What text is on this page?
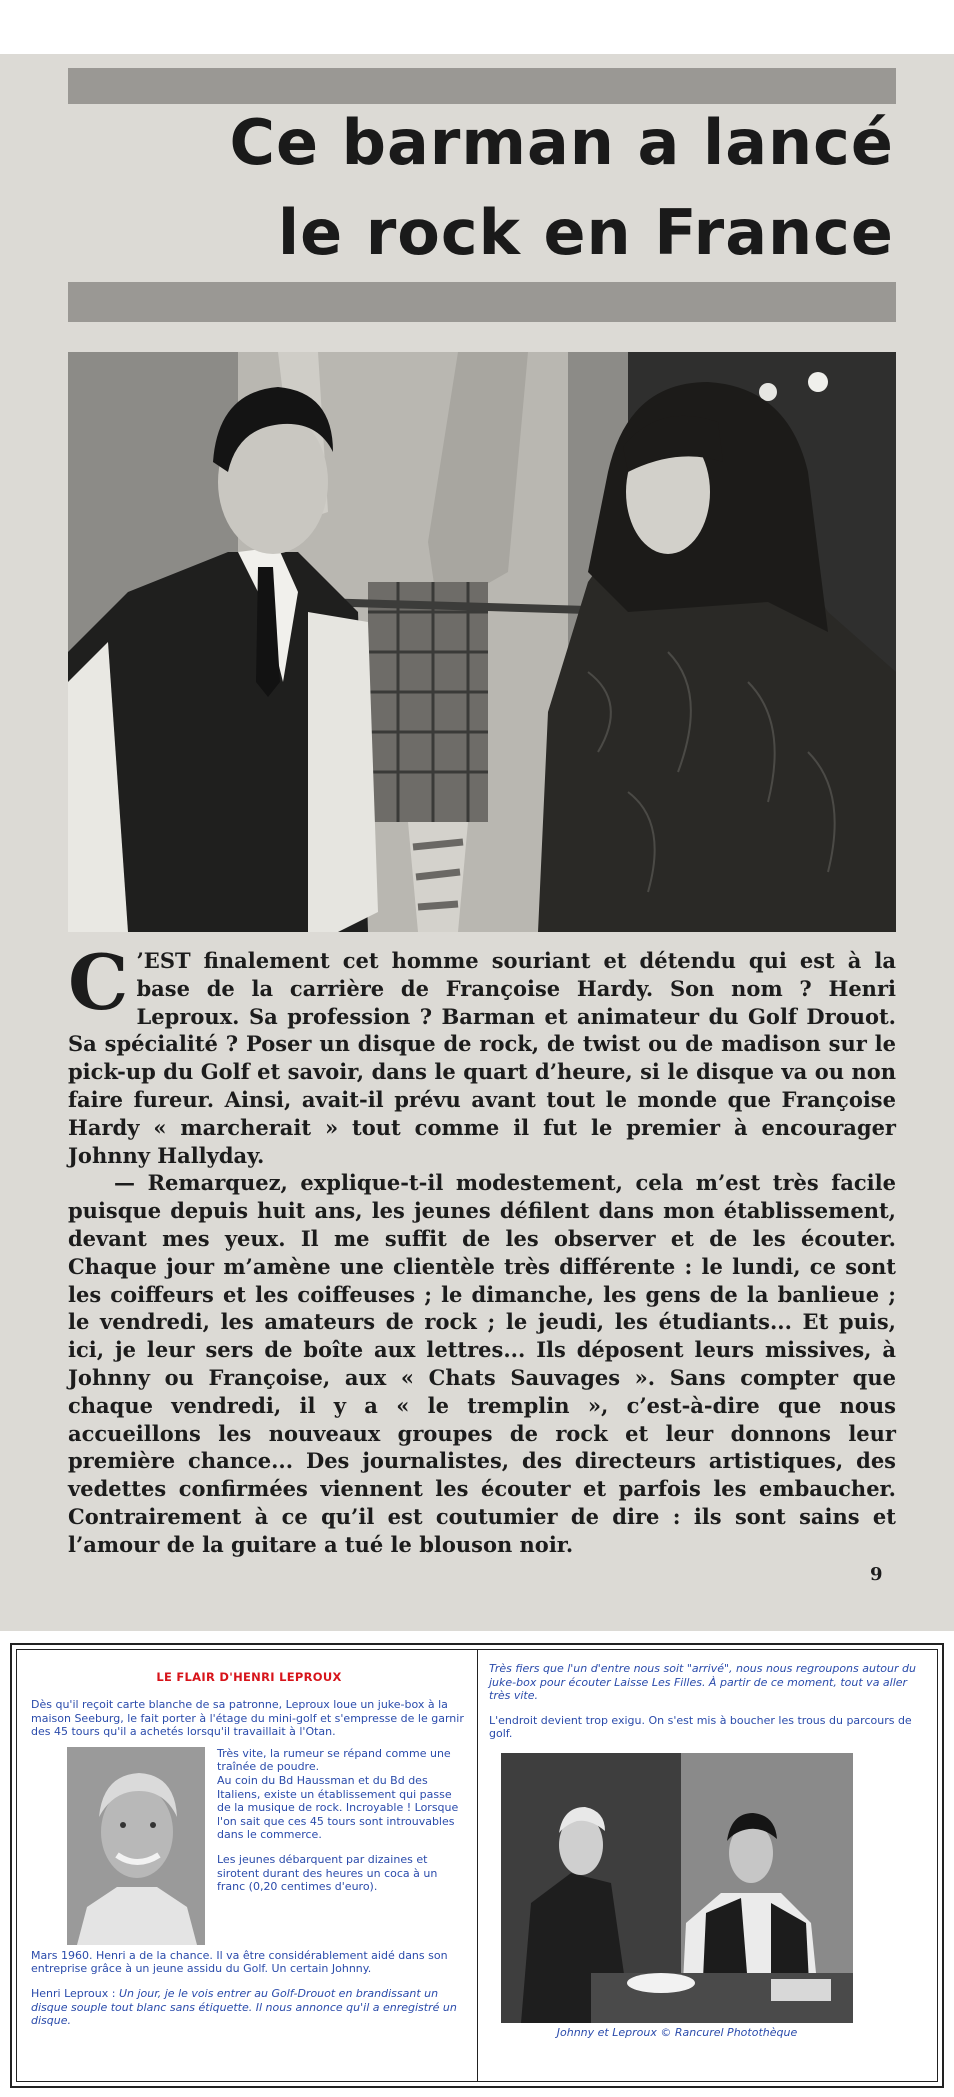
Ce barman a lancé
le rock en France

C ’EST finalement cet homme souriant et détendu qui est à la base de la carrière de Françoise Hardy. Son nom ? Henri Leproux. Sa profession ? Barman et animateur du Golf Drouot. Sa spécialité ? Poser un disque de rock, de twist ou de madison sur le pick-up du Golf et savoir, dans le quart d’heure, si le disque va ou non faire fureur. Ainsi, avait-il prévu avant tout le monde que Françoise Hardy « marcherait » tout comme il fut le premier à encourager Johnny Hallyday.

— Remarquez, explique-t-il modestement, cela m’est très facile puisque depuis huit ans, les jeunes défilent dans mon établissement, devant mes yeux. Il me suffit de les observer et de les écouter. Chaque jour m’amène une clientèle très différente : le lundi, ce sont les coiffeurs et les coiffeuses ; le dimanche, les gens de la banlieue ; le vendredi, les amateurs de rock ; le jeudi, les étudiants... Et puis, ici, je leur sers de boîte aux lettres... Ils déposent leurs missives, à Johnny ou Françoise, aux « Chats Sauvages ». Sans compter que chaque vendredi, il y a « le tremplin », c’est-à-dire que nous accueillons les nouveaux groupes de rock et leur donnons leur première chance... Des journalistes, des directeurs artistiques, des vedettes confirmées viennent les écouter et parfois les embaucher. Contrairement à ce qu’il est coutumier de dire : ils sont sains et l’amour de la guitare a tué le blouson noir.

9
LE FLAIR D'HENRI LEPROUX
Dès qu'il reçoit carte blanche de sa patronne, Leproux loue un juke-box à la maison Seeburg, le fait porter à l'étage du mini-golf et s'empresse de le garnir des 45 tours qu'il a achetés lorsqu'il travaillait à l'Otan.
Très vite, la rumeur se répand comme une traînée de poudre.
Au coin du Bd Haussman et du Bd des Italiens, existe un établissement qui passe de la musique de rock. Incroyable ! Lorsque l'on sait que ces 45 tours sont introuvables dans le commerce.
Les jeunes débarquent par dizaines et sirotent durant des heures un coca à un franc (0,20 centimes d'euro).
Mars 1960. Henri a de la chance. Il va être considérablement aidé dans son entreprise grâce à un jeune assidu du Golf. Un certain Johnny.
Henri Leproux : Un jour, je le vois entrer au Golf-Drouot en brandissant un disque souple tout blanc sans étiquette. Il nous annonce qu'il a enregistré un disque.
Très fiers que l'un d'entre nous soit "arrivé", nous nous regroupons autour du juke-box pour écouter Laisse Les Filles. À partir de ce moment, tout va aller très vite.
L'endroit devient trop exigu. On s'est mis à boucher les trous du parcours de golf.
Johnny et Leproux © Rancurel Photothèque
